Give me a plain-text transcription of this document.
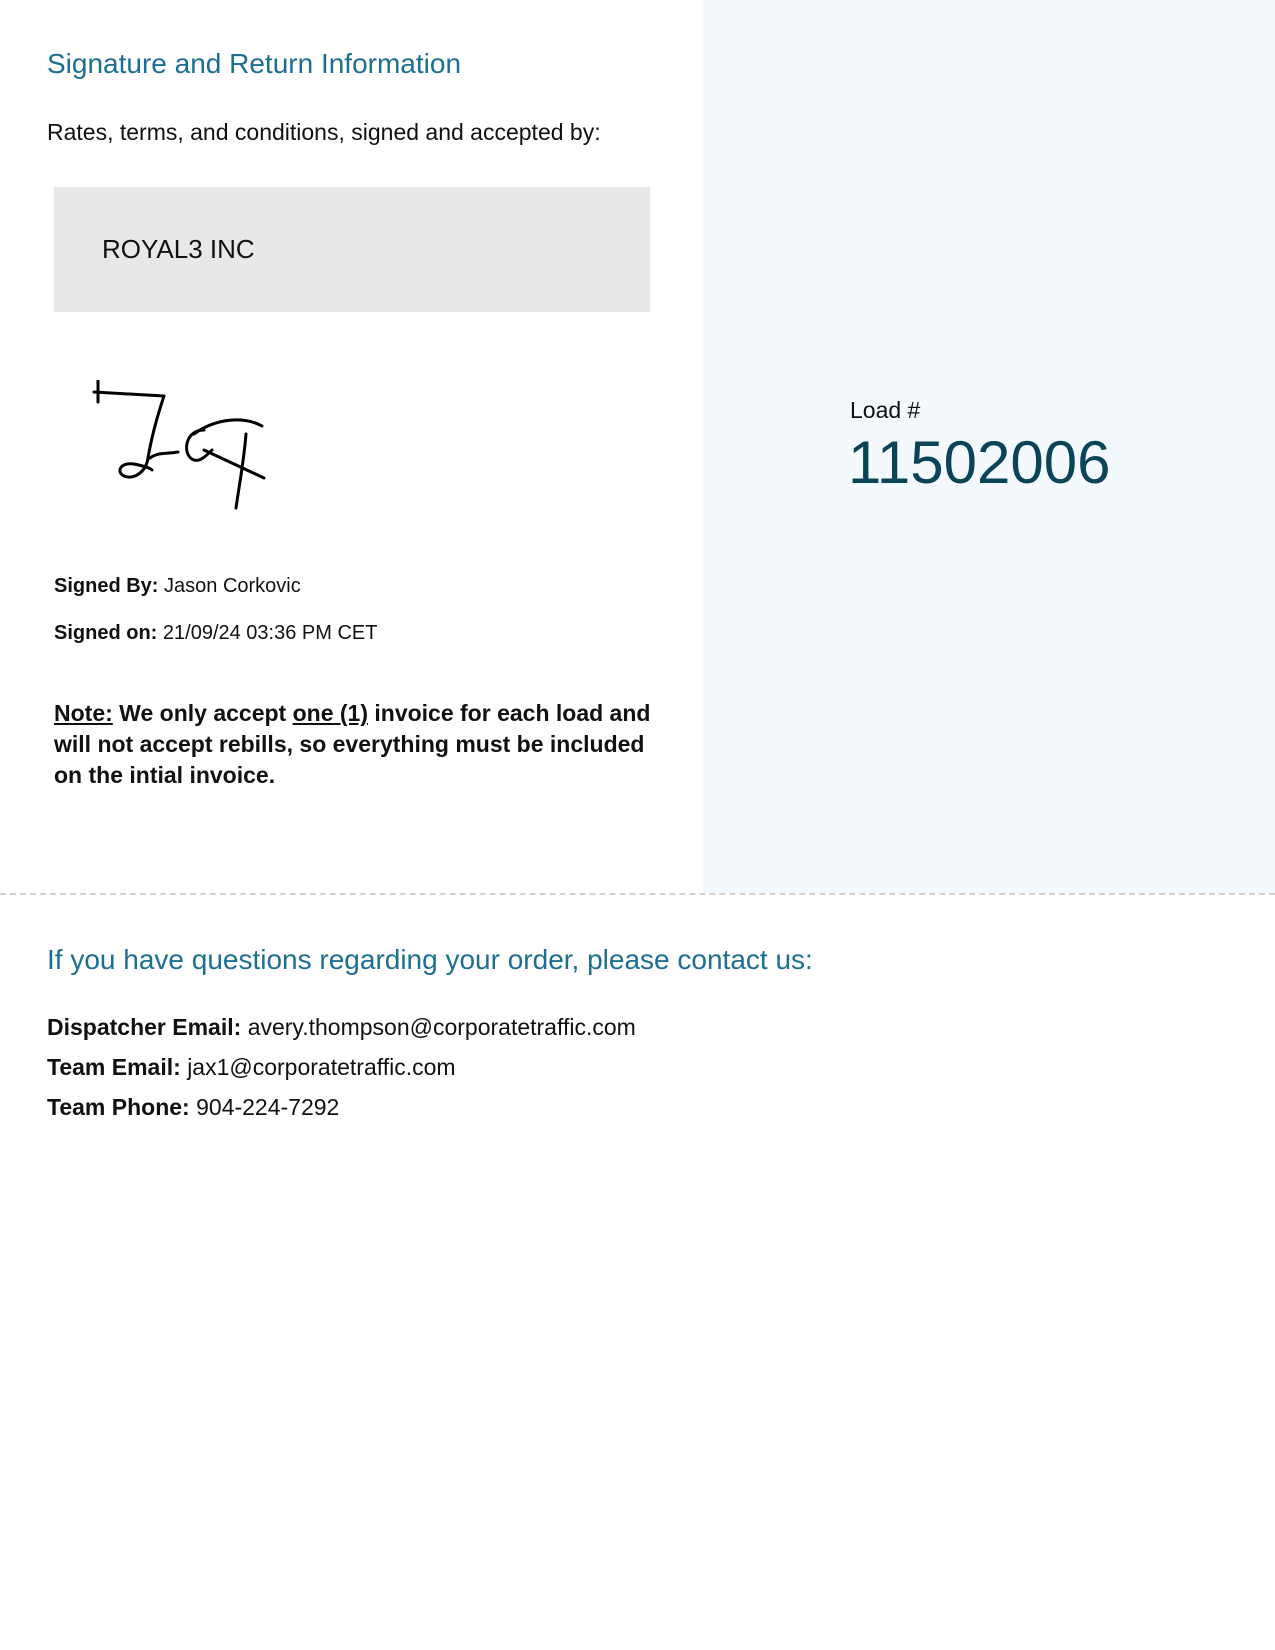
Signature and Return Information

Rates, terms, and conditions, signed and accepted by:

ROYAL3 INC
Signed By: Jason Corkovic
Signed on: 21/09/24 03:36 PM CET

Note: We only accept one (1) invoice for each load and will not accept rebills, so everything must be included on the intial invoice.

Load #
11502006
If you have questions regarding your order, please contact us:
Dispatcher Email: avery.thompson@corporatetraffic.com
Team Email: jax1@corporatetraffic.com
Team Phone: 904-224-7292
